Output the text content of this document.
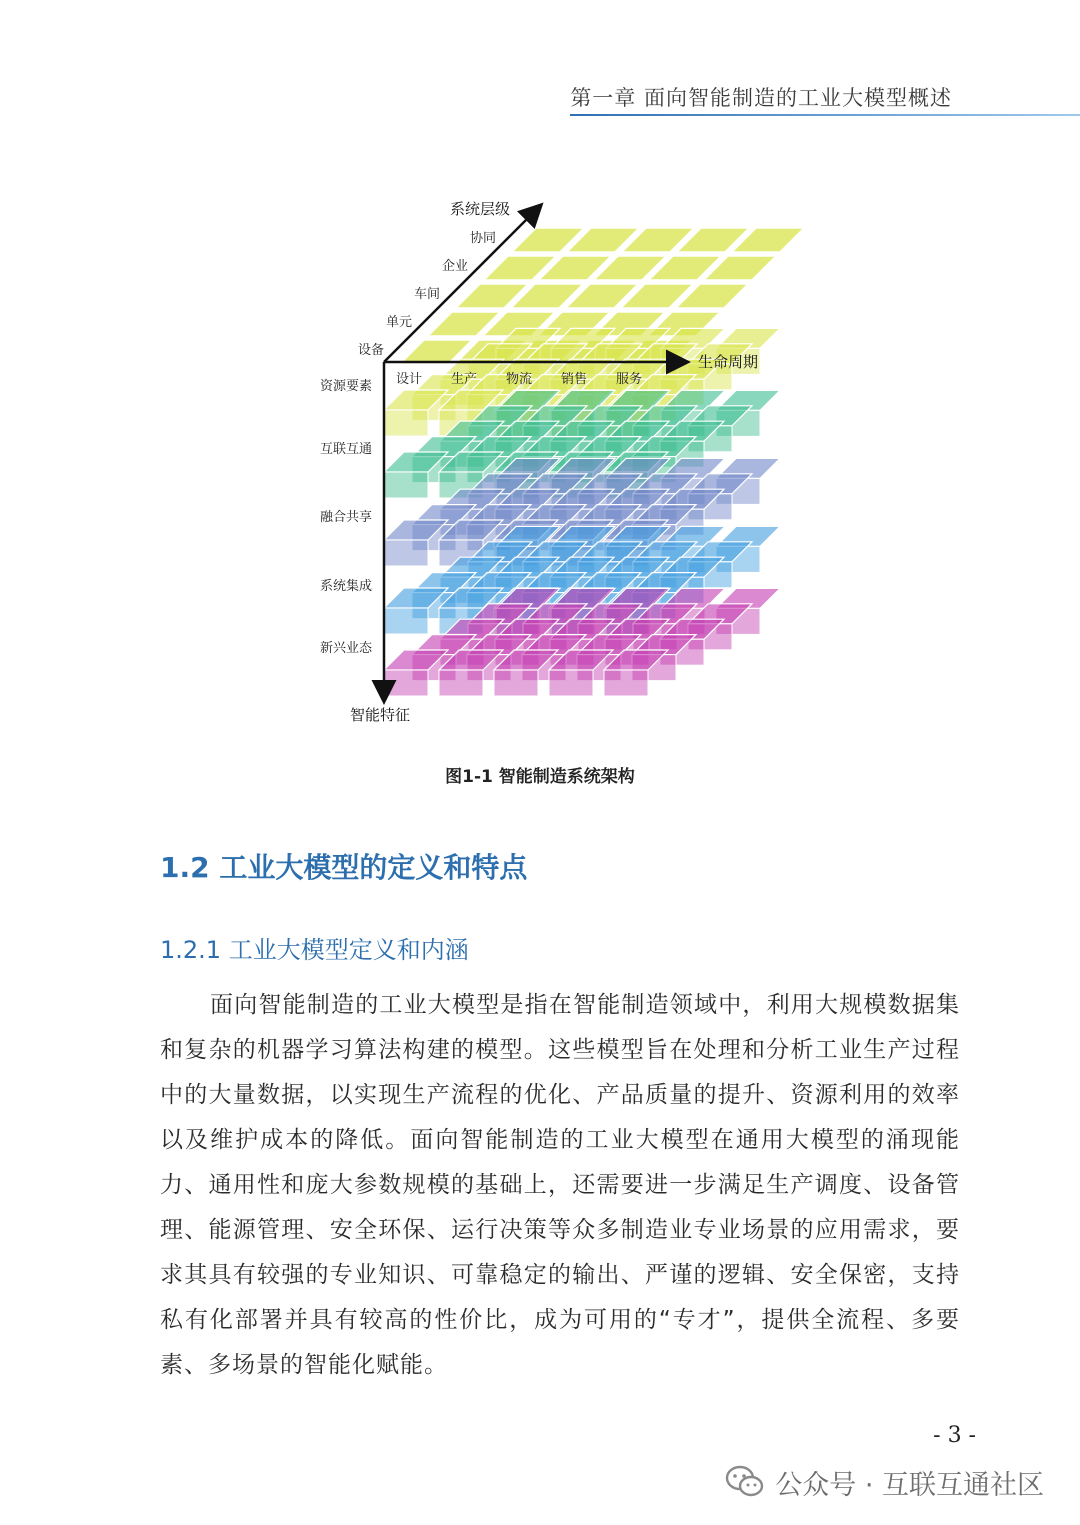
第一章 面向智能制造的工业大模型概述
系统层级
生命周期
智能特征
设备
单元
车间
企业
协同
设计 生产 物流 销售 服务
资源要素
互联互通
融合共享
系统集成
新兴业态
图1-1 智能制造系统架构
1.2 工业大模型的定义和特点
1.2.1 工业大模型定义和内涵

面向智能制造的工业大模型是指在智能制造领域中，利用大规模数据集和复杂的机器学习算法构建的模型。这些模型旨在处理和分析工业生产过程中的大量数据，以实现生产流程的优化、产品质量的提升、资源利用的效率以及维护成本的降低。面向智能制造的工业大模型在通用大模型的涌现能力、通用性和庞大参数规模的基础上，还需要进一步满足生产调度、设备管理、能源管理、安全环保、运行决策等众多制造业专业场景的应用需求，要求其具有较强的专业知识、可靠稳定的输出、严谨的逻辑、安全保密，支持私有化部署并具有较高的性价比，成为可用的“专才”，提供全流程、多要素、多场景的智能化赋能。

- 3 -
公众号 · 互联互通社区
